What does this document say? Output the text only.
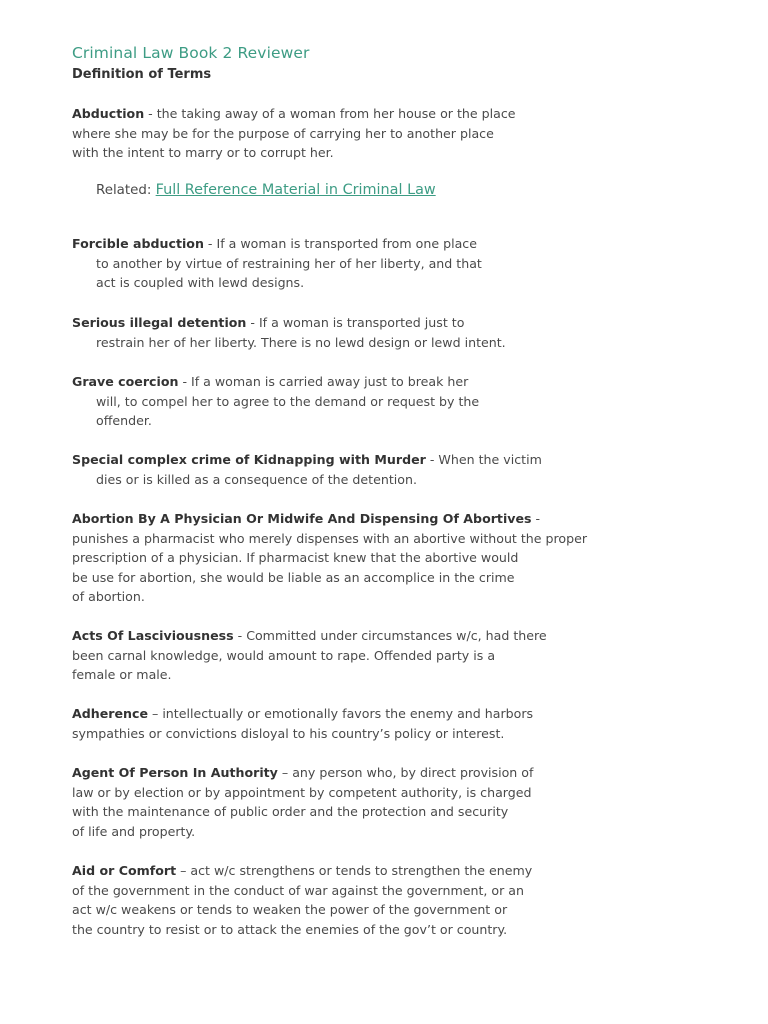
Criminal Law Book 2 Reviewer
Definition of Terms
Abduction - the taking away of a woman from her house or the place
where she may be for the purpose of carrying her to another place
with the intent to marry or to corrupt her.
Related: Full Reference Material in Criminal Law
Forcible abduction - If a woman is transported from one place
to another by virtue of restraining her of her liberty, and that
act is coupled with lewd designs.
Serious illegal detention - If a woman is transported just to
restrain her of her liberty. There is no lewd design or lewd intent.
Grave coercion - If a woman is carried away just to break her
will, to compel her to agree to the demand or request by the
offender.
Special complex crime of Kidnapping with Murder - When the victim
dies or is killed as a consequence of the detention.
Abortion By A Physician Or Midwife And Dispensing Of Abortives -
punishes a pharmacist who merely dispenses with an abortive without the proper
prescription of a physician. If pharmacist knew that the abortive would
be use for abortion, she would be liable as an accomplice in the crime
of abortion.
Acts Of Lasciviousness - Committed under circumstances w/c, had there
been carnal knowledge, would amount to rape. Offended party is a
female or male.
Adherence – intellectually or emotionally favors the enemy and harbors
sympathies or convictions disloyal to his country’s policy or interest.
Agent Of Person In Authority – any person who, by direct provision of
law or by election or by appointment by competent authority, is charged
with the maintenance of public order and the protection and security
of life and property.
Aid or Comfort – act w/c strengthens or tends to strengthen the enemy
of the government in the conduct of war against the government, or an
act w/c weakens or tends to weaken the power of the government or
the country to resist or to attack the enemies of the gov’t or country.
